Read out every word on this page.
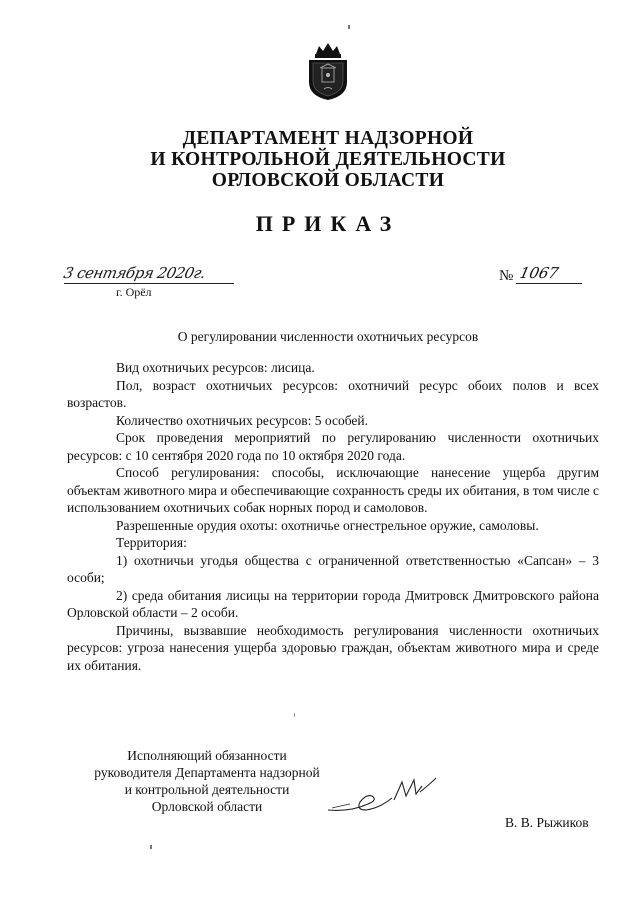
ДЕПАРТАМЕНТ НАДЗОРНОЙ
И КОНТРОЛЬНОЙ ДЕЯТЕЛЬНОСТИ
ОРЛОВСКОЙ ОБЛАСТИ
ПРИКАЗ
3 сентября 2020г.
г. Орёл
№ 1067
О регулировании численности охотничьих ресурсов

Вид охотничьих ресурсов: лисица.

Пол, возраст охотничьих ресурсов: охотничий ресурс обоих полов и всех возрастов.

Количество охотничьих ресурсов: 5 особей.

Срок проведения мероприятий по регулированию численности охотничьих ресурсов: с 10 сентября 2020 года по 10 октября 2020 года.

Способ регулирования: способы, исключающие нанесение ущерба другим объектам животного мира и обеспечивающие сохранность среды их обитания, в том числе с использованием охотничьих собак норных пород и самоловов.

Разрешенные орудия охоты: охотничье огнестрельное оружие, самоловы.

Территория:

1) охотничьи угодья общества с ограниченной ответственностью «Сапсан» – 3 особи;

2) среда обитания лисицы на территории города Дмитровск Дмитровского района Орловской области – 2 особи.

Причины, вызвавшие необходимость регулирования численности охотничьих ресурсов: угроза нанесения ущерба здоровью граждан, объектам животного мира и среде их обитания.

Исполняющий обязанности
руководителя Департамента надзорной
и контрольной деятельности
Орловской области
В. В. Рыжиков
